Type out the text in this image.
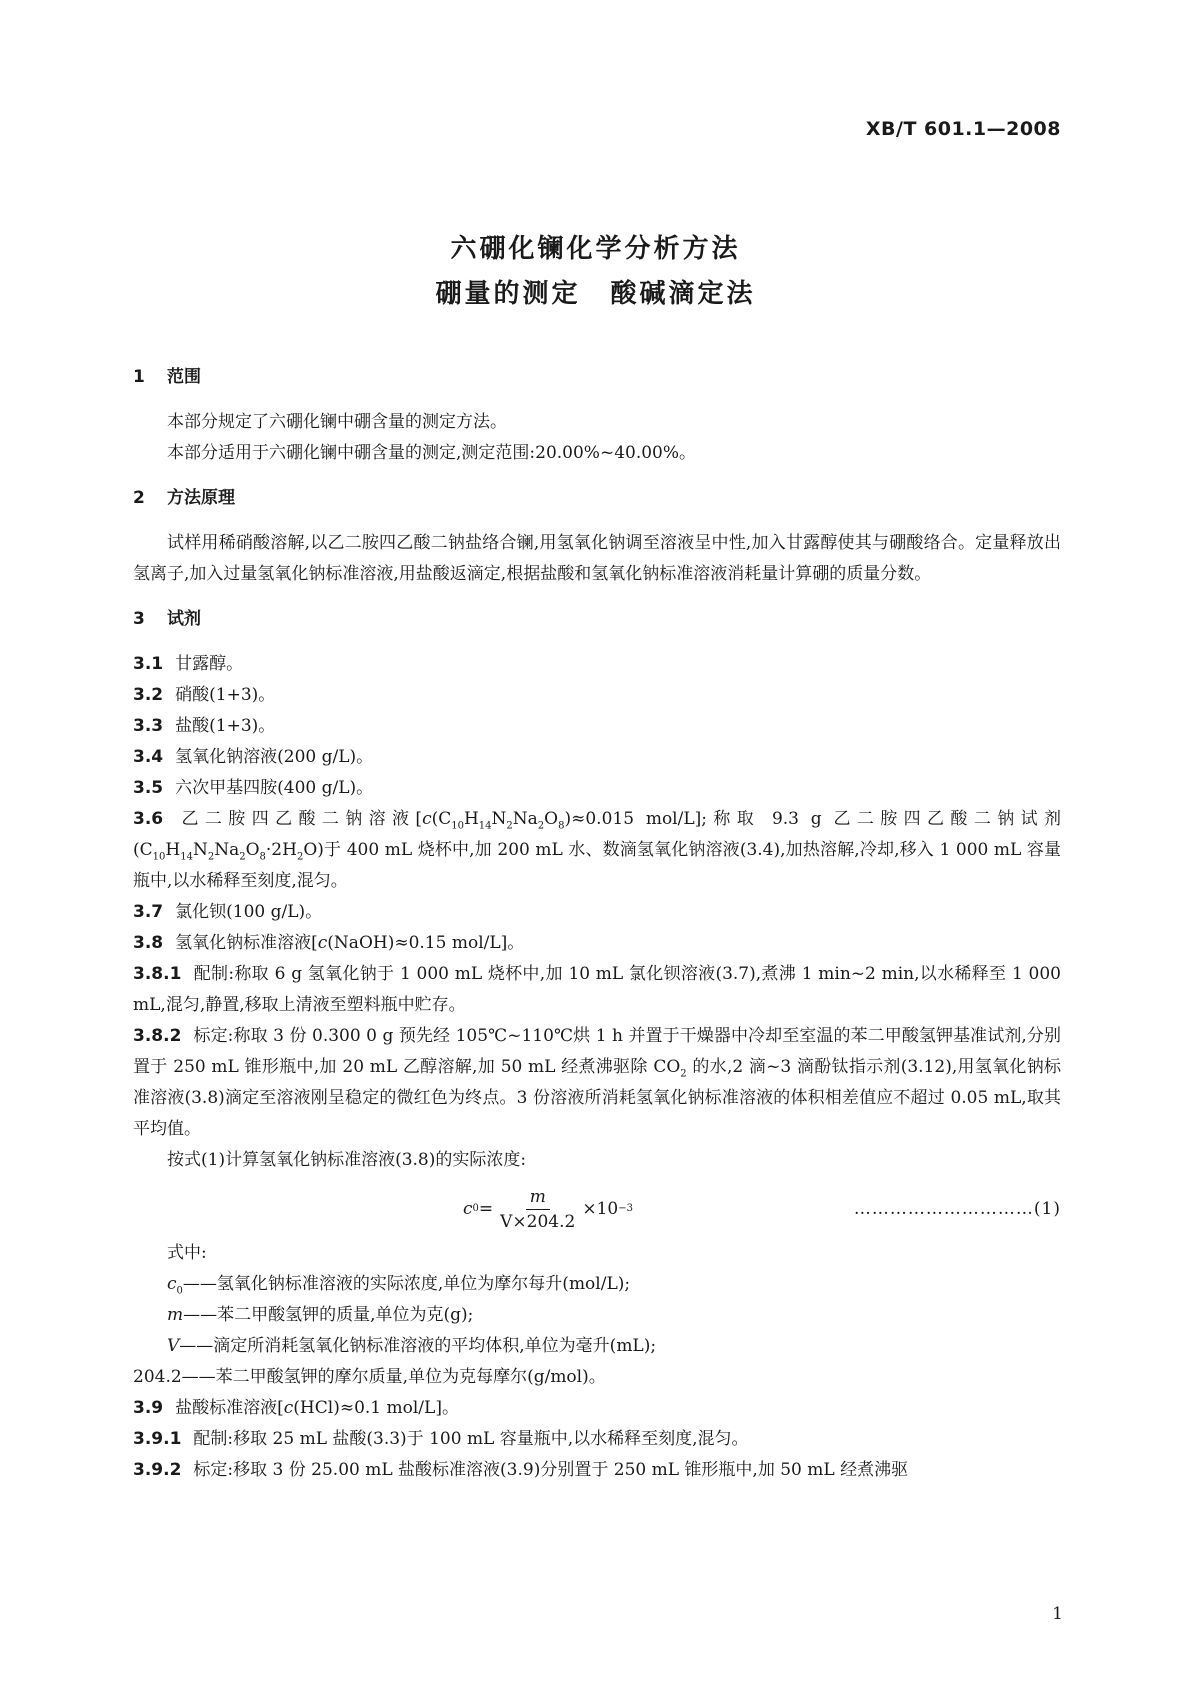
XB/T 601.1—2008
六硼化镧化学分析方法
硼量的测定 酸碱滴定法

1 范围

本部分规定了六硼化镧中硼含量的测定方法。

本部分适用于六硼化镧中硼含量的测定,测定范围:20.00%~40.00%。

2 方法原理

试样用稀硝酸溶解,以乙二胺四乙酸二钠盐络合镧,用氢氧化钠调至溶液呈中性,加入甘露醇使其与硼酸络合。定量释放出氢离子,加入过量氢氧化钠标准溶液,用盐酸返滴定,根据盐酸和氢氧化钠标准溶液消耗量计算硼的质量分数。

3 试剂

3.1 甘露醇。

3.2 硝酸(1+3)。

3.3 盐酸(1+3)。

3.4 氢氧化钠溶液(200 g/L)。

3.5 六次甲基四胺(400 g/L)。

3.6 乙二胺四乙酸二钠溶液[$c(C_{10}H_{14}N_2Na_2O_8)\approx 0.015$ mol/L];称取 9.3 g 乙二胺四乙酸二钠试剂$(C_{10}H_{14}N_2Na_2O_8\cdot 2H_2O)$于 400 mL 烧杯中,加 200 mL 水、数滴氢氧化钠溶液(3.4),加热溶解,冷却,移入 1 000 mL 容量瓶中,以水稀释至刻度,混匀。

3.7 氯化钡(100 g/L)。

3.8 氢氧化钠标准溶液[c(NaOH)≈0.15 mol/L]。

3.8.1 配制:称取 6 g 氢氧化钠于 1 000 mL 烧杯中,加 10 mL 氯化钡溶液(3.7),煮沸 1 min~2 min,以水稀释至 1 000 mL,混匀,静置,移取上清液至塑料瓶中贮存。

3.8.2 标定:称取 3 份 0.300 0 g 预先经 105℃~110℃烘 1 h 并置于干燥器中冷却至室温的苯二甲酸氢钾基准试剂,分别置于 250 mL 锥形瓶中,加 20 mL 乙醇溶解,加 50 mL 经煮沸驱除 $CO_2$ 的水,2 滴~3 滴酚钛指示剂(3.12),用氢氧化钠标准溶液(3.8)滴定至溶液刚呈稳定的微红色为终点。3 份溶液所消耗氢氧化钠标准溶液的体积相差值应不超过 0.05 mL,取其平均值。

按式(1)计算氢氧化钠标准溶液(3.8)的实际浓度:

c $0 = \frac{m}{V\times 204.2} \times 10 -3$	…………………………(1)

式中:

$c_0——$氢氧化钠标准溶液的实际浓度,单位为摩尔每升(mol/L);

m——苯二甲酸氢钾的质量,单位为克(g);

V——滴定所消耗氢氧化钠标准溶液的平均体积,单位为毫升(mL);

204.2——苯二甲酸氢钾的摩尔质量,单位为克每摩尔(g/mol)。

3.9 盐酸标准溶液[c(HCl)≈0.1 mol/L]。

3.9.1 配制:移取 25 mL 盐酸(3.3)于 100 mL 容量瓶中,以水稀释至刻度,混匀。

3.9.2 标定:移取 3 份 25.00 mL 盐酸标准溶液(3.9)分别置于 250 mL 锥形瓶中,加 50 mL 经煮沸驱

1
